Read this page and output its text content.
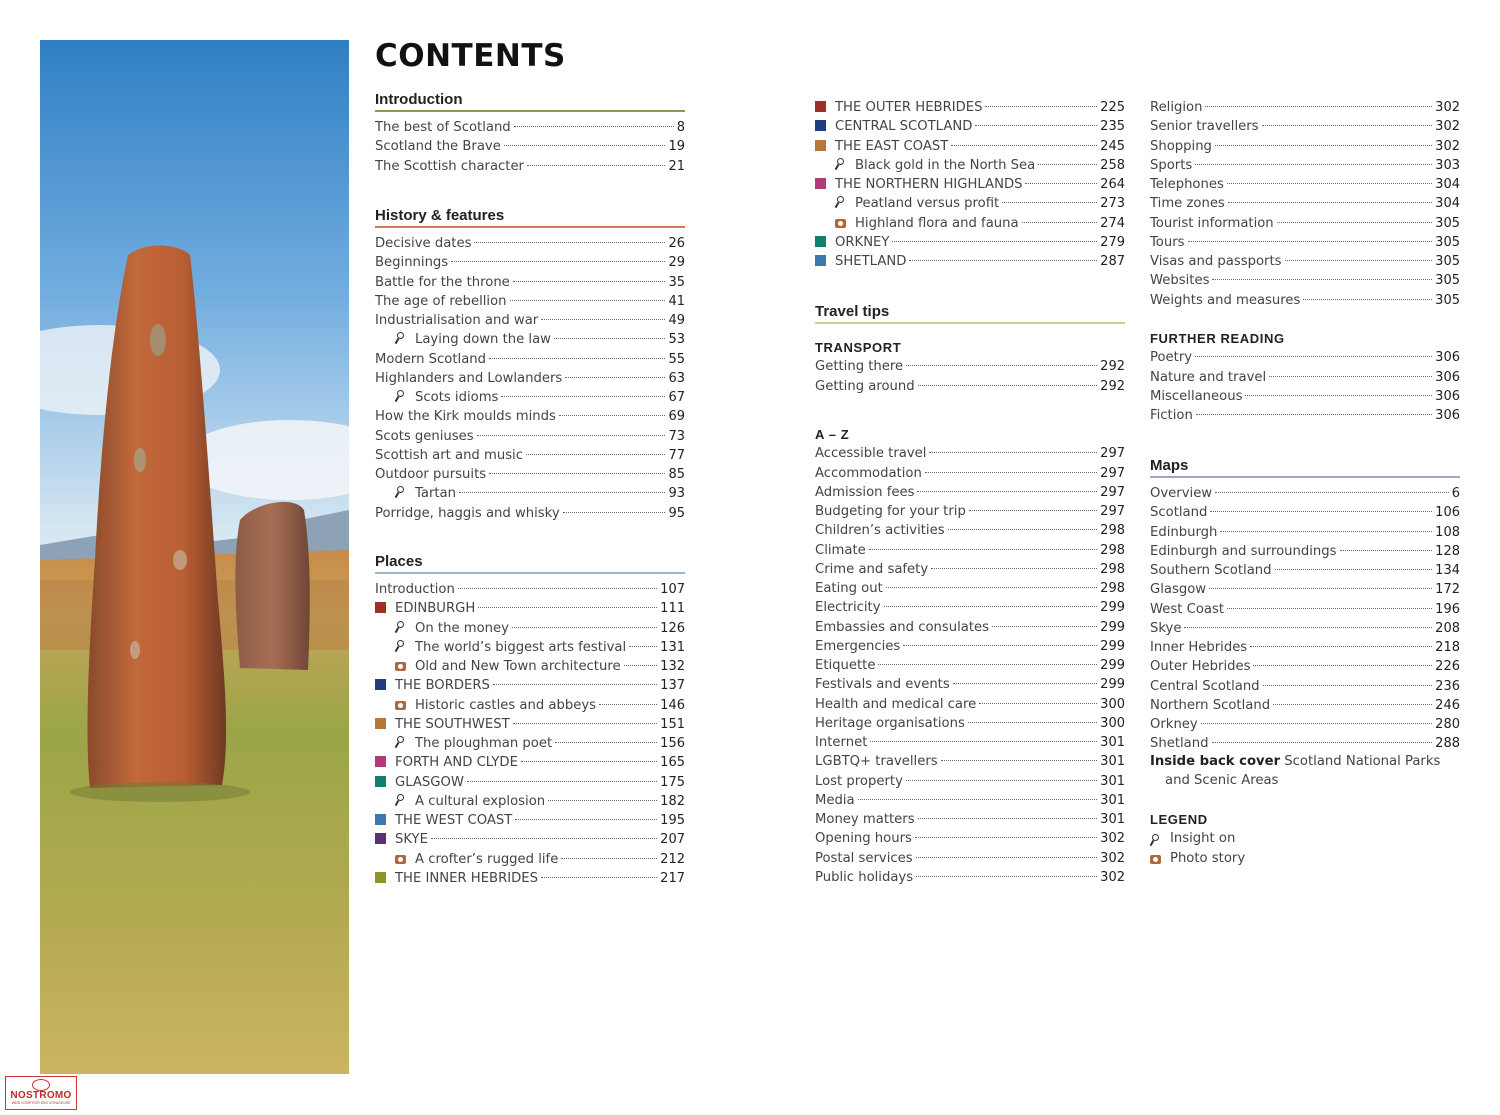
NOSTROMO
WEB COMPTOIR DES VOYAGEURS
CONTENTS
Introduction
The best of Scotland	8
Scotland the Brave	19
The Scottish character	21
History & features
Decisive dates	26
Beginnings	29
Battle for the throne	35
The age of rebellion	41
Industrialisation and war	49
Laying down the law	53
Modern Scotland	55
Highlanders and Lowlanders	63
Scots idioms	67
How the Kirk moulds minds	69
Scots geniuses	73
Scottish art and music	77
Outdoor pursuits	85
Tartan	93
Porridge, haggis and whisky	95
Places
Introduction	107
EDINBURGH	111
On the money	126
The world’s biggest arts festival	131
Old and New Town architecture	132
THE BORDERS	137
Historic castles and abbeys	146
THE SOUTHWEST	151
The ploughman poet	156
FORTH AND CLYDE	165
GLASGOW	175
A cultural explosion	182
THE WEST COAST	195
SKYE	207
A crofter’s rugged life	212
THE INNER HEBRIDES	217
THE OUTER HEBRIDES	225
CENTRAL SCOTLAND	235
THE EAST COAST	245
Black gold in the North Sea	258
THE NORTHERN HIGHLANDS	264
Peatland versus profit	273
Highland flora and fauna	274
ORKNEY	279
SHETLAND	287
Travel tips
TRANSPORT
Getting there	292
Getting around	292
A – Z
Accessible travel	297
Accommodation	297
Admission fees	297
Budgeting for your trip	297
Children’s activities	298
Climate	298
Crime and safety	298
Eating out	298
Electricity	299
Embassies and consulates	299
Emergencies	299
Etiquette	299
Festivals and events	299
Health and medical care	300
Heritage organisations	300
Internet	301
LGBTQ+ travellers	301
Lost property	301
Media	301
Money matters	301
Opening hours	302
Postal services	302
Public holidays	302
Religion	302
Senior travellers	302
Shopping	302
Sports	303
Telephones	304
Time zones	304
Tourist information	305
Tours	305
Visas and passports	305
Websites	305
Weights and measures	305
FURTHER READING
Poetry	306
Nature and travel	306
Miscellaneous	306
Fiction	306
Maps
Overview	6
Scotland	106
Edinburgh	108
Edinburgh and surroundings	128
Southern Scotland	134
Glasgow	172
West Coast	196
Skye	208
Inner Hebrides	218
Outer Hebrides	226
Central Scotland	236
Northern Scotland	246
Orkney	280
Shetland	288
Inside back cover Scotland National Parks
and Scenic Areas
LEGEND
Insight on
Photo story
